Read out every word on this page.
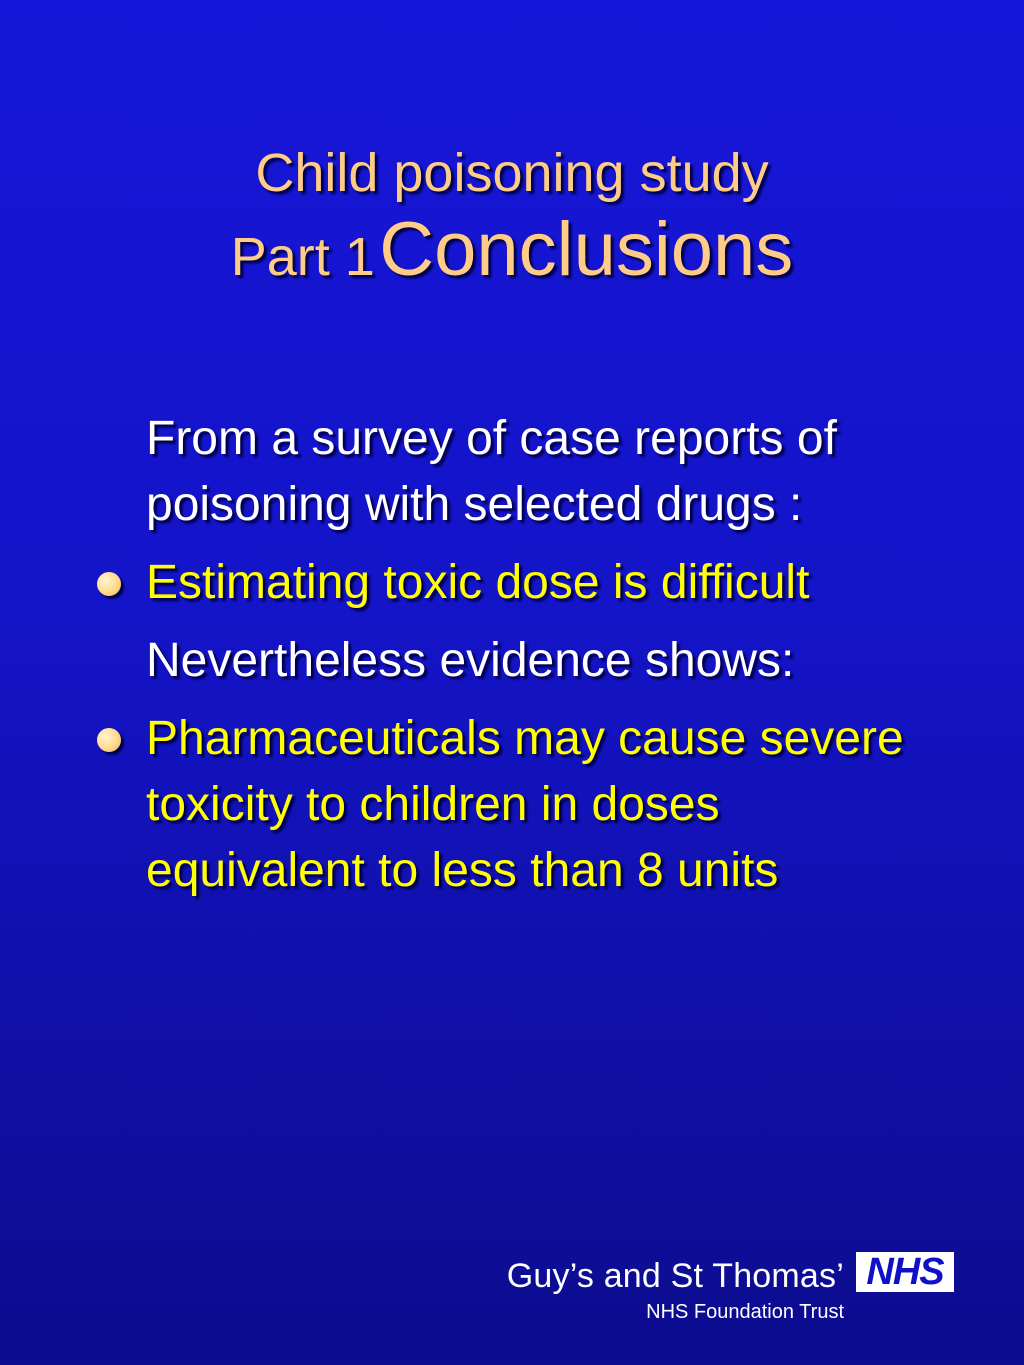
Child poisoning study
Part 1 Conclusions

From a survey of case reports of poisoning with selected drugs :

Estimating toxic dose is difficult

Nevertheless evidence shows:

Pharmaceuticals may cause severe toxicity to children in doses equivalent to less than 8 units
Guy’s and St Thomas’
NHS Foundation Trust
NHS
